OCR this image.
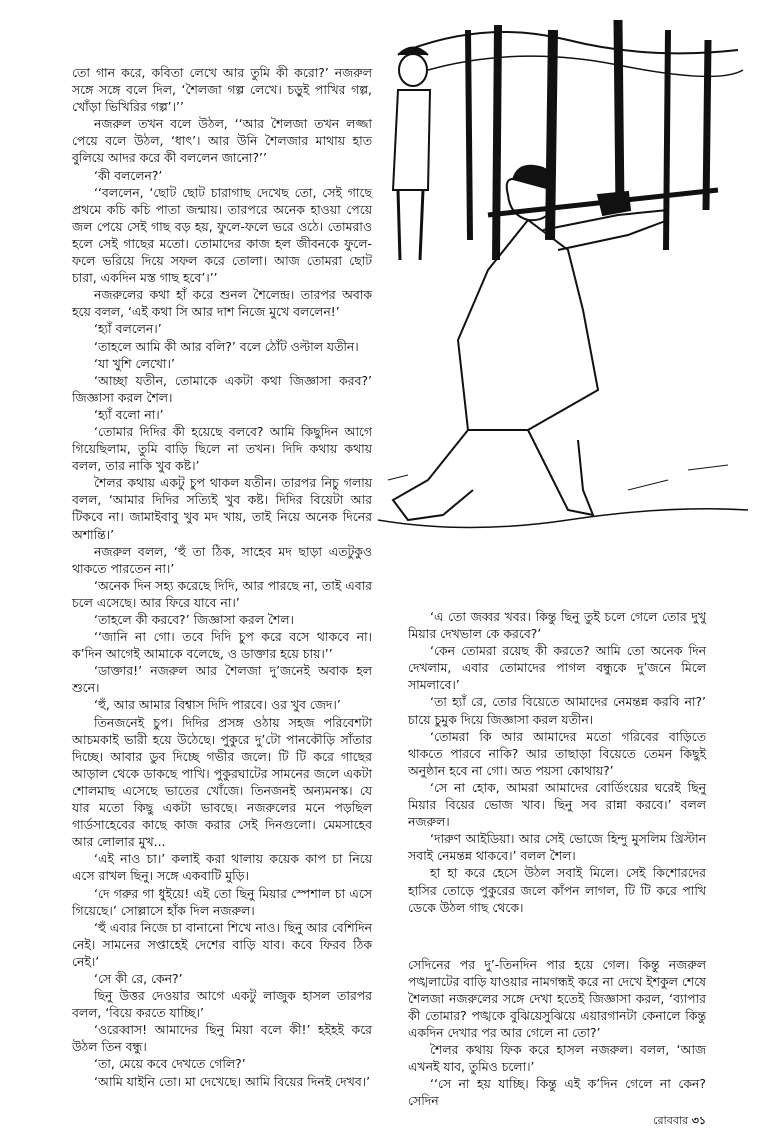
তো গান করে, কবিতা লেখে আর তুমি কী করো?’ নজরুল সঙ্গে সঙ্গে বলে দিল, ‘শৈলজা গল্প লেখে। চড়ুই পাখির গল্প, খোঁড়া ভিখিরির গল্প’।’’

নজরুল তখন বলে উঠল, ‘‘আর শৈলজা তখন লজ্জা পেয়ে বলে উঠল, ‘ধাৎ’। আর উনি শৈলজার মাথায় হাত বুলিয়ে আদর করে কী বললেন জানো?’’

‘কী বললেন?’

‘‘বললেন, ‘ছোট ছোট চারাগাছ দেখেছ তো, সেই গাছে প্রথমে কচি কচি পাতা জন্মায়। তারপরে অনেক হাওয়া পেয়ে জল পেয়ে সেই গাছ বড় হয়, ফুলে-ফলে ভরে ওঠে। তোমরাও হলে সেই গাছের মতো। তোমাদের কাজ হল জীবনকে ফুলে-ফলে ভরিয়ে দিয়ে সফল করে তোলা। আজ তোমরা ছোট চারা, একদিন মস্ত গাছ হবে’।’’

নজরুলের কথা হাঁ করে শুনল শৈলেন্দ্র। তারপর অবাক হয়ে বলল, ‘এই কথা সি আর দাশ নিজে মুখে বললেন!’

‘হ্যাঁ বললেন।’

‘তাহলে আমি কী আর বলি?’ বলে ঠোঁট ওল্টাল যতীন।

‘যা খুশি লেখো।’

‘আচ্ছা যতীন, তোমাকে একটা কথা জিজ্ঞাসা করব?’ জিজ্ঞাসা করল শৈল।

‘হ্যাঁ বলো না।’

‘তোমার দিদির কী হয়েছে বলবে? আমি কিছুদিন আগে গিয়েছিলাম, তুমি বাড়ি ছিলে না তখন। দিদি কথায় কথায় বলল, তার নাকি খুব কষ্ট।’

শৈলর কথায় একটু চুপ থাকল যতীন। তারপর নিচু গলায় বলল, ‘আমার দিদির সত্যিই খুব কষ্ট। দিদির বিয়েটা আর টিকবে না। জামাইবাবু খুব মদ খায়, তাই নিয়ে অনেক দিনের অশান্তি।’

নজরুল বলল, ‘হুঁ তা ঠিক, সাহেব মদ ছাড়া এতটুকুও থাকতে পারতেন না।’

‘অনেক দিন সহ্য করেছে দিদি, আর পারছে না, তাই এবার চলে এসেছে। আর ফিরে যাবে না।’

‘তাহলে কী করবে?’ জিজ্ঞাসা করল শৈল।

‘‘জানি না গো। তবে দিদি চুপ করে বসে থাকবে না। ক’দিন আগেই আমাকে বলেছে, ও ডাক্তার হয়ে চায়।’’

‘ডাক্তার!’ নজরুল আর শৈলজা দু’জনেই অবাক হল শুনে।

‘হুঁ, আর আমার বিশ্বাস দিদি পারবে। ওর খুব জেদ।’

তিনজনেই চুপ। দিদির প্রসঙ্গ ওঠায় সহজ পরিবেশটা আচমকাই ভারী হয়ে উঠেছে। পুকুরে দু’টো পানকৌড়ি সাঁতার দিচ্ছে। আবার ডুব দিচ্ছে গভীর জলে। টি টি করে গাছের আড়াল থেকে ডাকছে পাখি। পুকুরঘাটের সামনের জলে একটা শোলমাছ এসেছে ভাতের খোঁজে। তিনজনই অন্যমনস্ক। যে যার মতো কিছু একটা ভাবছে। নজরুলের মনে পড়ছিল গার্ডসাহেবের কাছে কাজ করার সেই দিনগুলো। মেমসাহেব আর লোলার মুখ...

‘এই নাও চা।’ কলাই করা থালায় কয়েক কাপ চা নিয়ে এসে রাখল ছিনু। সঙ্গে একবাটি মুড়ি।

‘দে গরুর গা ধুইয়ে! এই তো ছিনু মিয়ার স্পেশাল চা এসে গিয়েছে।’ সোল্লাসে হাঁক দিল নজরুল।

‘হুঁ এবার নিজে চা বানানো শিখে নাও। ছিনু আর বেশিদিন নেই। সামনের সপ্তাহেই দেশের বাড়ি যাব। কবে ফিরব ঠিক নেই।’

‘সে কী রে, কেন?’

ছিনু উত্তর দেওয়ার আগে একটু লাজুক হাসল তারপর বলল, ‘বিয়ে করতে যাচ্ছি।’

‘ওরেব্বাস! আমাদের ছিনু মিয়া বলে কী!’ হইহই করে উঠল তিন বন্ধু।

‘তা, মেয়ে কবে দেখতে গেলি?’

‘আমি যাইনি তো। মা দেখেছে। আমি বিয়ের দিনই দেখব।’

‘এ তো জব্বর খবর। কিন্তু ছিনু তুই চলে গেলে তোর দুখু মিয়ার দেখভাল কে করবে?’

‘কেন তোমরা রয়েছ কী করতে? আমি তো অনেক দিন দেখলাম, এবার তোমাদের পাগল বন্ধুকে দু’জনে মিলে সামলাবে।’

‘তা হ্যাঁ রে, তোর বিয়েতে আমাদের নেমন্তন্ন করবি না?’ চায়ে চুমুক দিয়ে জিজ্ঞাসা করল যতীন।

‘তোমরা কি আর আমাদের মতো গরিবের বাড়িতে থাকতে পারবে নাকি? আর তাছাড়া বিয়েতে তেমন কিছুই অনুষ্ঠান হবে না গো। অত পয়সা কোথায়?’

‘সে না হোক, আমরা আমাদের বোর্ডিংয়ের ঘরেই ছিনু মিয়ার বিয়ের ভোজ খাব। ছিনু সব রান্না করবে।’ বলল নজরুল।

‘দারুণ আইডিয়া। আর সেই ভোজে হিন্দু মুসলিম খ্রিস্টান সবাই নেমন্তন্ন থাকবে।’ বলল শৈল।

হা হা করে হেসে উঠল সবাই মিলে। সেই কিশোরদের হাসির তোড়ে পুকুরের জলে কাঁপন লাগল, টি টি করে পাখি ডেকে উঠল গাছ থেকে।

সেদিনের পর দু’-তিনদিন পার হয়ে গেল। কিন্তু নজরুল পঙ্খলাটের বাড়ি যাওয়ার নামগন্ধই করে না দেখে ইশকুল শেষে শৈলজা নজরুলের সঙ্গে দেখা হতেই জিজ্ঞাসা করল, ‘ব্যাপার কী তোমার? পঙ্খকে বুঝিয়েসুঝিয়ে এয়ারগানটা কেনালে কিন্তু একদিন দেখার পর আর গেলে না তো?’

শৈলর কথায় ফিক করে হাসল নজরুল। বলল, ‘আজ এখনই যাব, তুমিও চলো।’

‘‘সে না হয় যাচ্ছি। কিন্তু এই ক’দিন গেলে না কেন? সেদিন

রোববার ৩১
